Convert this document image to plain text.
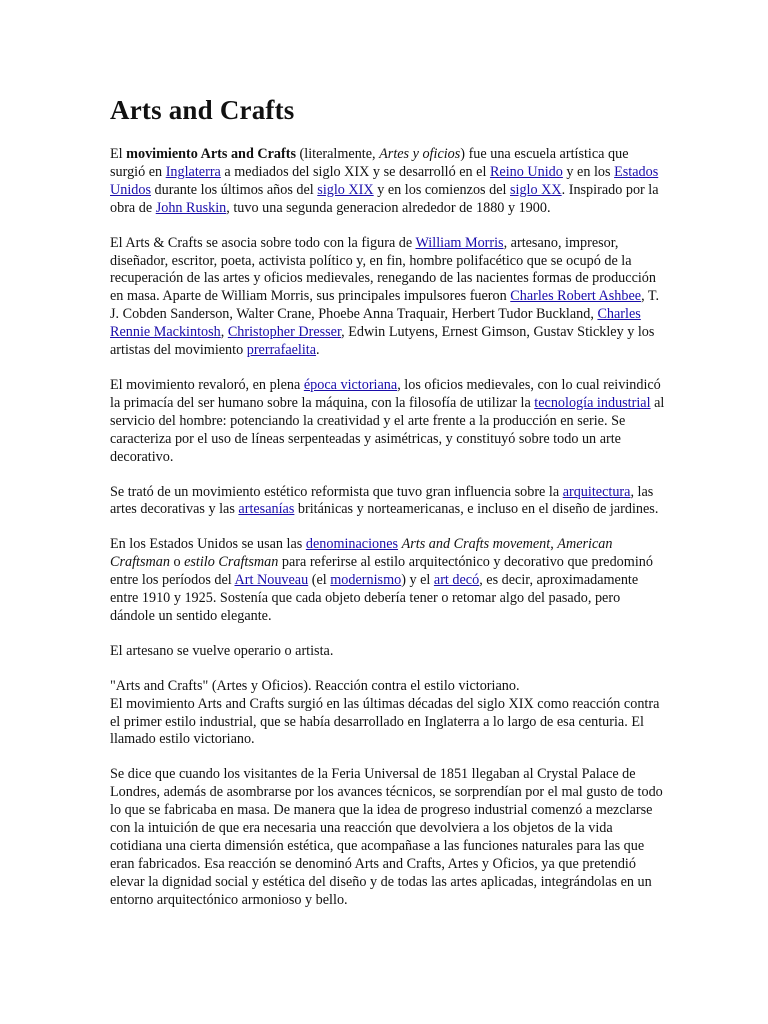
Arts and Crafts

El movimiento Arts and Crafts (literalmente, Artes y oficios) fue una escuela artística que surgió en Inglaterra a mediados del siglo XIX y se desarrolló en el Reino Unido y en los Estados Unidos durante los últimos años del siglo XIX y en los comienzos del siglo XX. Inspirado por la obra de John Ruskin, tuvo una segunda generacion alrededor de 1880 y 1900.

El Arts & Crafts se asocia sobre todo con la figura de William Morris, artesano, impresor, diseñador, escritor, poeta, activista político y, en fin, hombre polifacético que se ocupó de la recuperación de las artes y oficios medievales, renegando de las nacientes formas de producción en masa. Aparte de William Morris, sus principales impulsores fueron Charles Robert Ashbee, T. J. Cobden Sanderson, Walter Crane, Phoebe Anna Traquair, Herbert Tudor Buckland, Charles Rennie Mackintosh, Christopher Dresser, Edwin Lutyens, Ernest Gimson, Gustav Stickley y los artistas del movimiento prerrafaelita.

El movimiento revaloró, en plena época victoriana, los oficios medievales, con lo cual reivindicó la primacía del ser humano sobre la máquina, con la filosofía de utilizar la tecnología industrial al servicio del hombre: potenciando la creatividad y el arte frente a la producción en serie. Se caracteriza por el uso de líneas serpenteadas y asimétricas, y constituyó sobre todo un arte decorativo.

Se trató de un movimiento estético reformista que tuvo gran influencia sobre la arquitectura, las artes decorativas y las artesanías británicas y norteamericanas, e incluso en el diseño de jardines.

En los Estados Unidos se usan las denominaciones Arts and Crafts movement, American Craftsman o estilo Craftsman para referirse al estilo arquitectónico y decorativo que predominó entre los períodos del Art Nouveau (el modernismo) y el art decó, es decir, aproximadamente entre 1910 y 1925. Sostenía que cada objeto debería tener o retomar algo del pasado, pero dándole un sentido elegante.

El artesano se vuelve operario o artista.

"Arts and Crafts" (Artes y Oficios). Reacción contra el estilo victoriano.
El movimiento Arts and Crafts surgió en las últimas décadas del siglo XIX como reacción contra el primer estilo industrial, que se había desarrollado en Inglaterra a lo largo de esa centuria. El llamado estilo victoriano.

Se dice que cuando los visitantes de la Feria Universal de 1851 llegaban al Crystal Palace de Londres, además de asombrarse por los avances técnicos, se sorprendían por el mal gusto de todo lo que se fabricaba en masa. De manera que la idea de progreso industrial comenzó a mezclarse con la intuición de que era necesaria una reacción que devolviera a los objetos de la vida cotidiana una cierta dimensión estética, que acompañase a las funciones naturales para las que eran fabricados. Esa reacción se denominó Arts and Crafts, Artes y Oficios, ya que pretendió elevar la dignidad social y estética del diseño y de todas las artes aplicadas, integrándolas en un entorno arquitectónico armonioso y bello.
